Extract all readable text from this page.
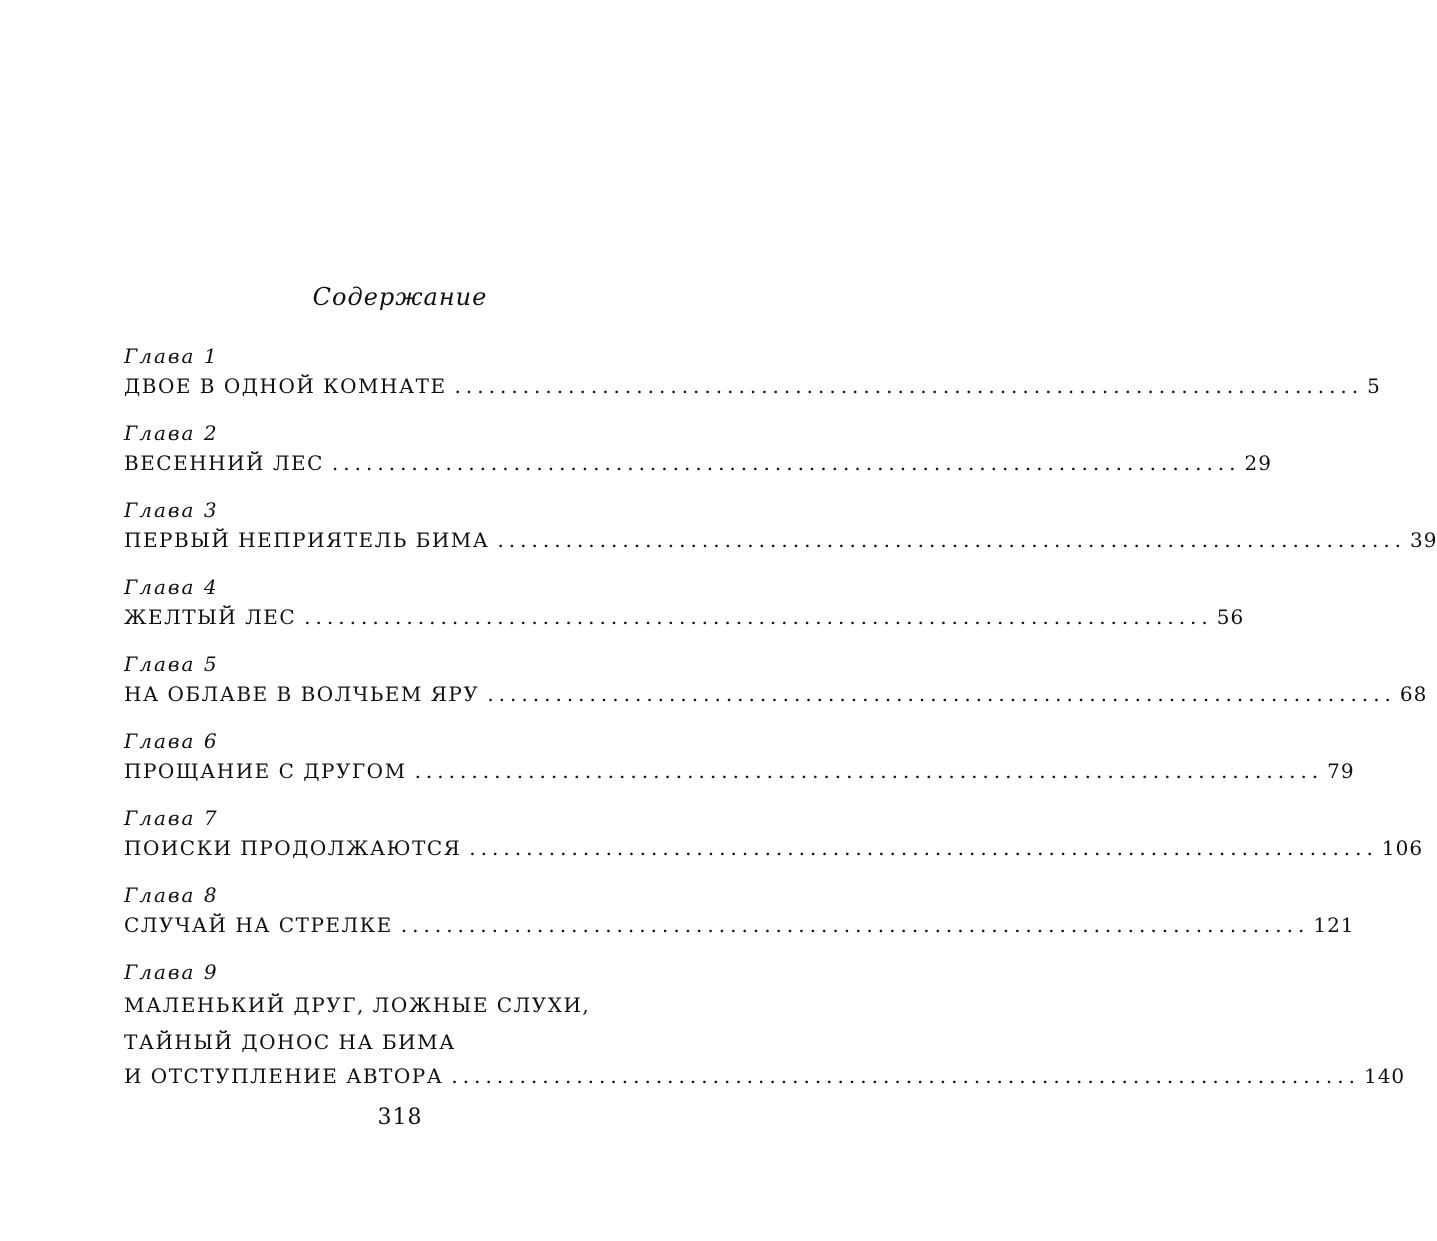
Содержание
Глава 1
ДВОЕ В ОДНОЙ КОМНАТЕ ................................................................................ 5
Глава 2
ВЕСЕННИЙ ЛЕС ................................................................................ 29
Глава 3
ПЕРВЫЙ НЕПРИЯТЕЛЬ БИМА ................................................................................ 39
Глава 4
ЖЕЛТЫЙ ЛЕС ................................................................................ 56
Глава 5
НА ОБЛАВЕ В ВОЛЧЬЕМ ЯРУ ................................................................................ 68
Глава 6
ПРОЩАНИЕ С ДРУГОМ ................................................................................ 79
Глава 7
ПОИСКИ ПРОДОЛЖАЮТСЯ ................................................................................ 106
Глава 8
СЛУЧАЙ НА СТРЕЛКЕ ................................................................................ 121
Глава 9
МАЛЕНЬКИЙ ДРУГ, ЛОЖНЫЕ СЛУХИ,
ТАЙНЫЙ ДОНОС НА БИМА
И ОТСТУПЛЕНИЕ АВТОРА ................................................................................ 140
318
